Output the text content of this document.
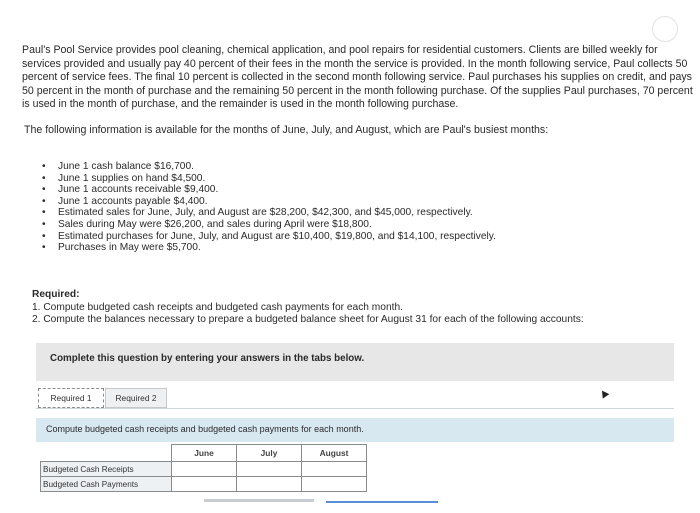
Paul's Pool Service provides pool cleaning, chemical application, and pool repairs for residential customers. Clients are billed weekly for services provided and usually pay 40 percent of their fees in the month the service is provided. In the month following service, Paul collects 50 percent of service fees. The final 10 percent is collected in the second month following service. Paul purchases his supplies on credit, and pays 50 percent in the month of purchase and the remaining 50 percent in the month following purchase. Of the supplies Paul purchases, 70 percent is used in the month of purchase, and the remainder is used in the month following purchase.

The following information is available for the months of June, July, and August, which are Paul's busiest months:

• June 1 cash balance $16,700.
• June 1 supplies on hand $4,500.
• June 1 accounts receivable $9,400.
• June 1 accounts payable $4,400.
• Estimated sales for June, July, and August are $28,200, $42,300, and $45,000, respectively.
• Sales during May were $26,200, and sales during April were $18,800.
• Estimated purchases for June, July, and August are $10,400, $19,800, and $14,100, respectively.
• Purchases in May were $5,700.

Required:

1. Compute budgeted cash receipts and budgeted cash payments for each month.
2. Compute the balances necessary to prepare a budgeted balance sheet for August 31 for each of the following accounts:
Complete this question by entering your answers in the tabs below.
Required 1	Required 2
Compute budgeted cash receipts and budgeted cash payments for each month.
	June	July	August
Budgeted Cash Receipts			
Budgeted Cash Payments			
